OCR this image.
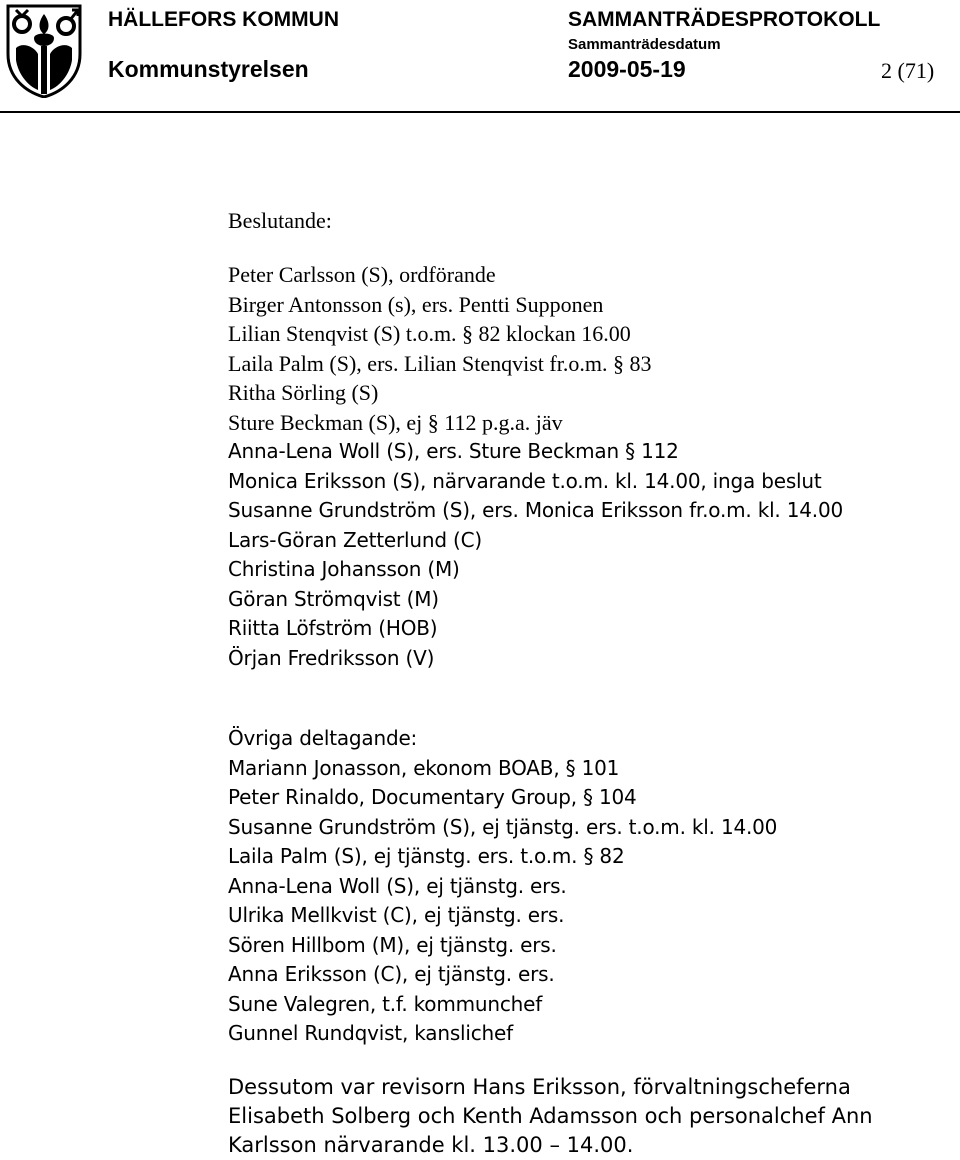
HÄLLEFORS KOMMUN	SAMMANTRÄDESPROTOKOLL
Sammanträdesdatum
Kommunstyrelsen	2009-05-19	2 (71)
Beslutande:
Peter Carlsson (S), ordförande
Birger Antonsson (s), ers. Pentti Supponen
Lilian Stenqvist (S) t.o.m. § 82 klockan 16.00
Laila Palm (S), ers. Lilian Stenqvist fr.o.m. § 83
Ritha Sörling (S)
Sture Beckman (S), ej § 112 p.g.a. jäv
Anna-Lena Woll (S), ers. Sture Beckman § 112
Monica Eriksson (S), närvarande t.o.m. kl. 14.00, inga beslut
Susanne Grundström (S), ers. Monica Eriksson fr.o.m. kl. 14.00
Lars-Göran Zetterlund (C)
Christina Johansson (M)
Göran Strömqvist (M)
Riitta Löfström (HOB)
Örjan Fredriksson (V)
Övriga deltagande:
Mariann Jonasson, ekonom BOAB, § 101
Peter Rinaldo, Documentary Group, § 104
Susanne Grundström (S), ej tjänstg. ers. t.o.m. kl. 14.00
Laila Palm (S), ej tjänstg. ers. t.o.m. § 82
Anna-Lena Woll (S), ej tjänstg. ers.
Ulrika Mellkvist (C), ej tjänstg. ers.
Sören Hillbom (M), ej tjänstg. ers.
Anna Eriksson (C), ej tjänstg. ers.
Sune Valegren, t.f. kommunchef
Gunnel Rundqvist, kanslichef
Dessutom var revisorn Hans Eriksson, förvaltningscheferna Elisabeth Solberg och Kenth Adamsson och personalchef Ann Karlsson närvarande kl. 13.00 – 14.00.
